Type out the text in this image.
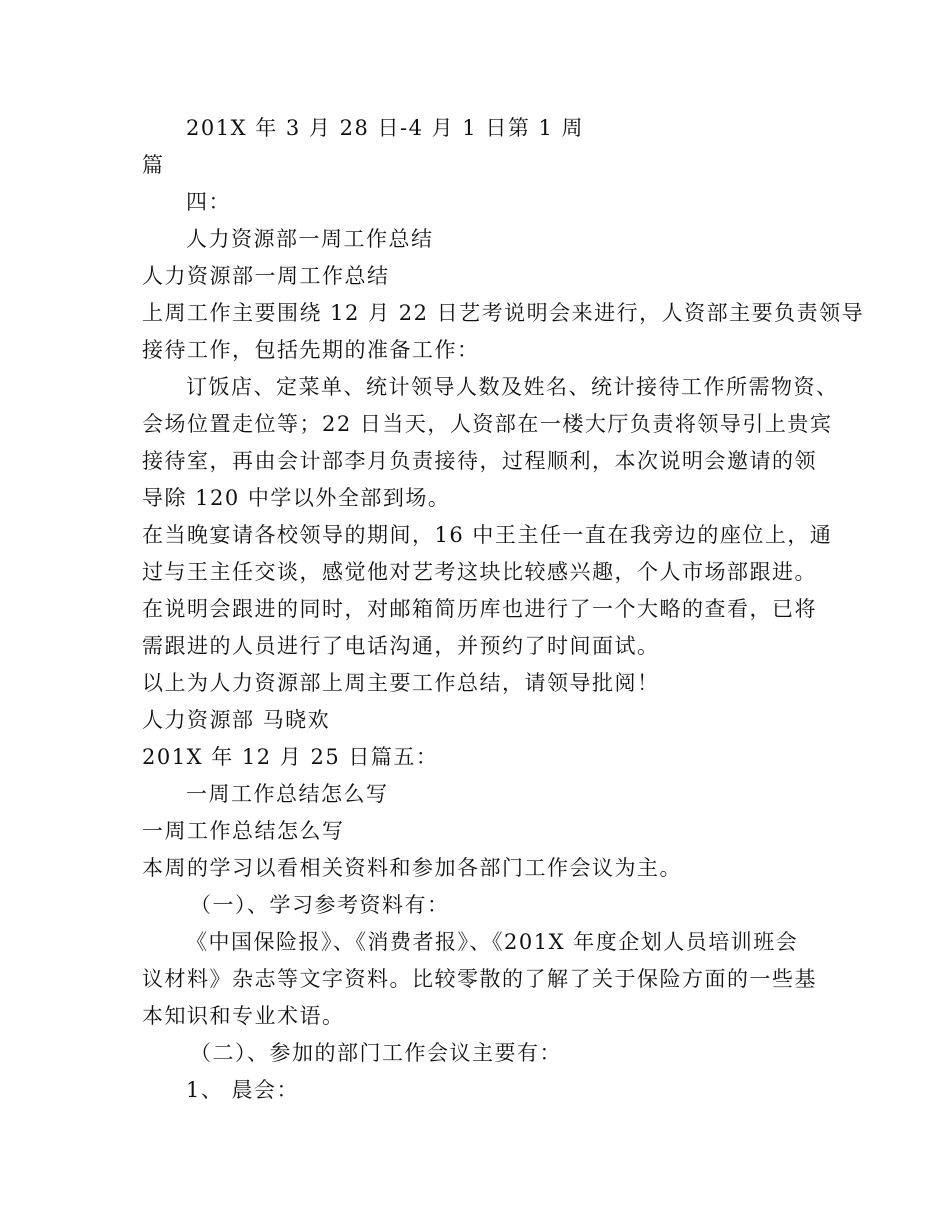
201X 年 3 月 28 日-4 月 1 日第 1 周
篇
四：
人力资源部一周工作总结
人力资源部一周工作总结
上周工作主要围绕 12 月 22 日艺考说明会来进行，人资部主要负责领导
接待工作，包括先期的准备工作：
订饭店、定菜单、统计领导人数及姓名、统计接待工作所需物资、
会场位置走位等；22 日当天，人资部在一楼大厅负责将领导引上贵宾
接待室，再由会计部李月负责接待，过程顺利，本次说明会邀请的领
导除 120 中学以外全部到场。
在当晚宴请各校领导的期间，16 中王主任一直在我旁边的座位上，通
过与王主任交谈，感觉他对艺考这块比较感兴趣，个人市场部跟进。
在说明会跟进的同时，对邮箱简历库也进行了一个大略的查看，已将
需跟进的人员进行了电话沟通，并预约了时间面试。
以上为人力资源部上周主要工作总结，请领导批阅！
人力资源部 马晓欢
201X 年 12 月 25 日篇五：
一周工作总结怎么写
一周工作总结怎么写
本周的学习以看相关资料和参加各部门工作会议为主。
（一）、学习参考资料有：
《中国保险报》、《消费者报》、《201X 年度企划人员培训班会
议材料》杂志等文字资料。比较零散的了解了关于保险方面的一些基
本知识和专业术语。
（二）、参加的部门工作会议主要有：
1、 晨会：
